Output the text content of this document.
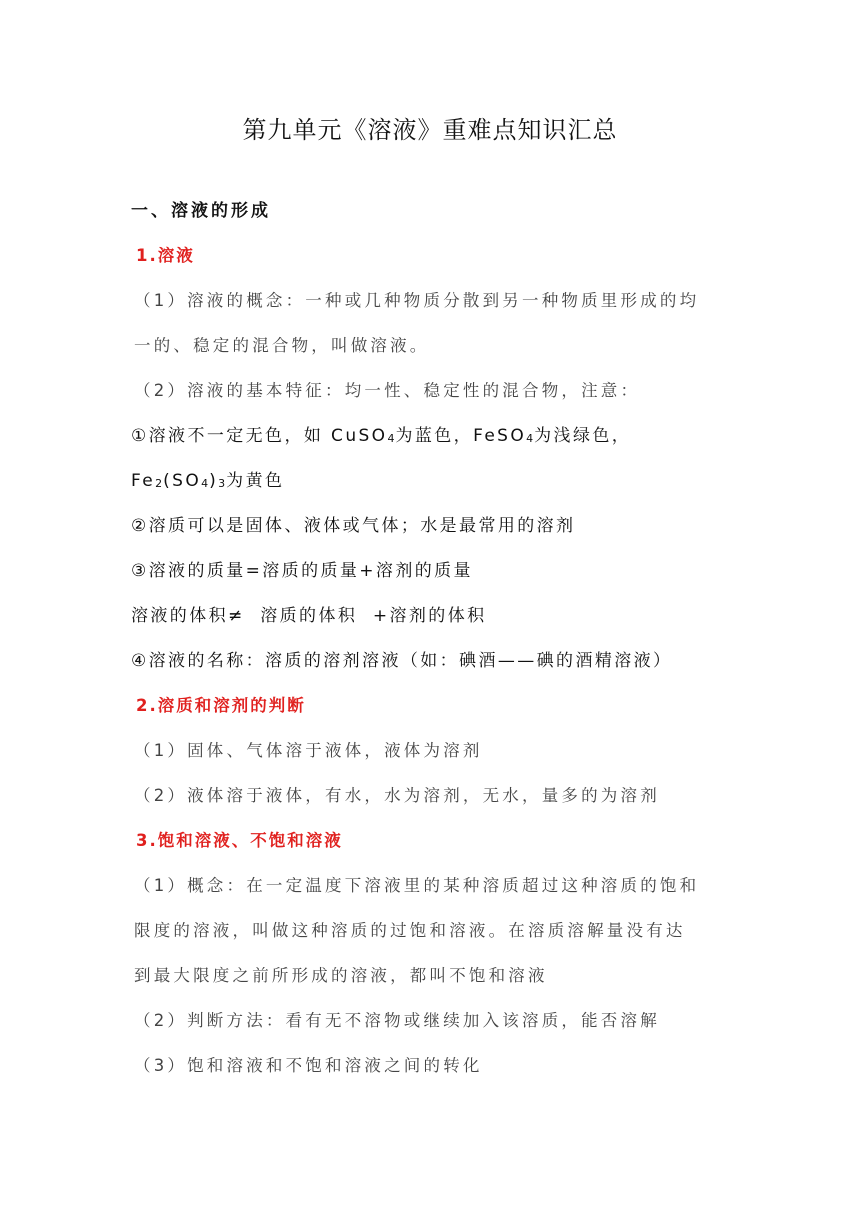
第九单元《溶液》重难点知识汇总

一、溶液的形成

1.溶液

（1）溶液的概念：一种或几种物质分散到另一种物质里形成的均

一的、稳定的混合物，叫做溶液。

（2）溶液的基本特征：均一性、稳定性的混合物，注意：

①溶液不一定无色，如 CuSO$_4$为蓝色，FeSO$_4$为浅绿色，

$Fe_2(SO_4)_3$为黄色

②溶质可以是固体、液体或气体；水是最常用的溶剂

③溶液的质量=溶质的质量+溶剂的质量

溶液的体积≠  溶质的体积  +溶剂的体积

④溶液的名称：溶质的溶剂溶液（如：碘酒——碘的酒精溶液）

2.溶质和溶剂的判断

（1）固体、气体溶于液体，液体为溶剂

（2）液体溶于液体，有水，水为溶剂，无水，量多的为溶剂

3.饱和溶液、不饱和溶液

（1）概念：在一定温度下溶液里的某种溶质超过这种溶质的饱和

限度的溶液，叫做这种溶质的过饱和溶液。在溶质溶解量没有达

到最大限度之前所形成的溶液，都叫不饱和溶液

（2）判断方法：看有无不溶物或继续加入该溶质，能否溶解

（3）饱和溶液和不饱和溶液之间的转化
